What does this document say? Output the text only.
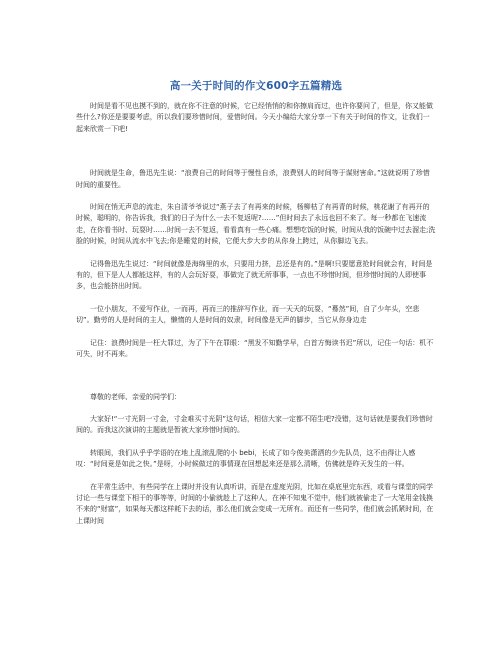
高一关于时间的作文600字五篇精选

时间是看不见也摸不到的，就在你不注意的时候，它已经悄悄的和你擦肩而过，也许你要问了，但是，你又能做些什么?你还是要要考虑，所以我们要珍惜时间，爱惜时间。今天小编给大家分享一下有关于时间的作文，让我们一起来欣赏一下吧!

时间就是生命，鲁迅先生说：“浪费自己的时间等于慢性自杀，浪费别人的时间等于谋财害命。”这就说明了珍惜时间的重要性。

时间在悄无声息的流走，朱自清爷爷说过“燕子去了有再来的时候，杨柳枯了有再青的时候，桃花谢了有再开的时候，聪明的，你告诉我，我们的日子为什么一去不复返呢?……”但时间去了永远也回不来了。每一秒都在飞速流走，在你看书时、玩耍时……时间一去不复返，看看真有一些心痛。想想吃饭的时候，时间从我的饭碗中过去溜走;洗脸的时候，时间从流水中飞去;你是睡觉的时候，它便大步大步的从你身上跨过，从你脚边飞去。

记得鲁迅先生说过：“时间就像是海绵里的水，只要用力挤，总还是有的。”是啊!只要愿意抢时间就会有，时间是有的，但下是人人都能这样，有的人会玩好耍，事做完了就无所事事，一点也不珍惜时间，但珍惜时间的人即使事多，也会能挤出时间。

一位小朋友，不爱写作业，一而再，再而三的推辞写作业，而一天天的玩耍，“蓦然”间，自了少年头，空悲切”。勤劳的人是时间的主人，懒惰的人是时间的奴隶，时间像是无声的脚步，当它从你身边走

记住：浪费时间是一枉大罪过，为了下午在罪眼：“黑发不知勤学早，白首方悔读书迟”所以，记住一句话：机不可失，时不再来。

尊敬的老师、亲爱的同学们：

大家好!“一寸光阴一寸金，寸金难买寸光阴”这句话，相信大家一定都不陌生吧?没错，这句话就是要我们珍惜时间的。而我这次演讲的主题就是暂被大家珍惜时间的。

转眼间，我们从乎乎学语的在地上乱滚乱爬的小 bebi，长成了如今俊美潇洒的少先队员，这不由得让人感叹：“时间竟是如此之快。”是呀，小时候做过的事情现在回想起来还是那么清晰，仿佛就是昨天发生的一样。

在平常生活中，有些同学在上课时并没有认真听讲，而是在虚度光阴，比如在桌底里完东西，或看与课堂的同学讨论一些与课堂下相干的事等等，时间的小偷就趁上了这种人，在神不知鬼不觉中，他们就被偷走了一大笔用金钱换不来的“财富”，如果每天都这样耗下去的话，那么他们就会变成一无所有。而还有一些同学，他们就会抓紧时间，在上课时间
